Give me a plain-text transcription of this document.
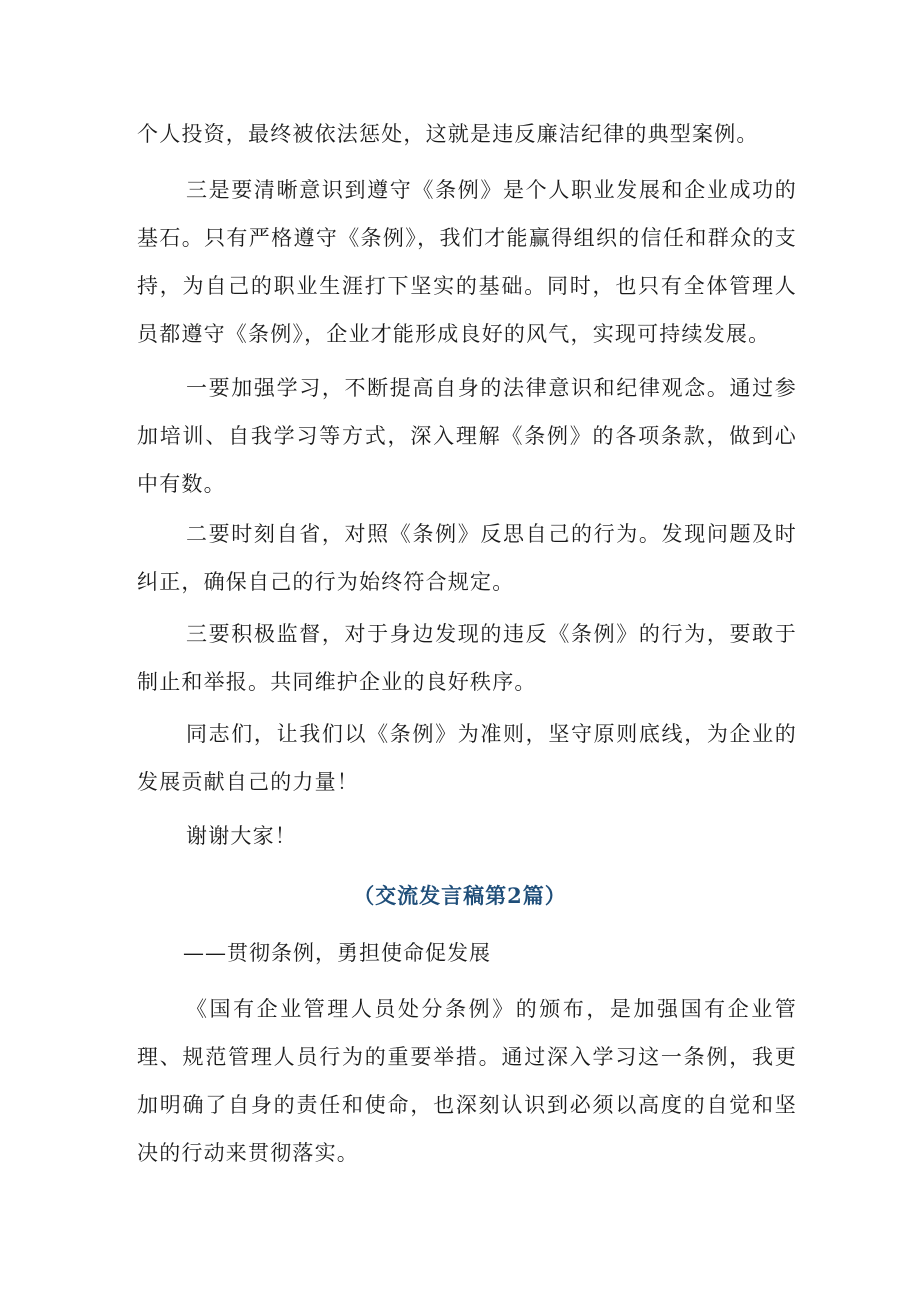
个人投资，最终被依法惩处，这就是违反廉洁纪律的典型案例。

三是要清晰意识到遵守《条例》是个人职业发展和企业成功的基石。只有严格遵守《条例》，我们才能赢得组织的信任和群众的支持，为自己的职业生涯打下坚实的基础。同时，也只有全体管理人员都遵守《条例》，企业才能形成良好的风气，实现可持续发展。

一要加强学习，不断提高自身的法律意识和纪律观念。通过参加培训、自我学习等方式，深入理解《条例》的各项条款，做到心中有数。

二要时刻自省，对照《条例》反思自己的行为。发现问题及时纠正，确保自己的行为始终符合规定。

三要积极监督，对于身边发现的违反《条例》的行为，要敢于制止和举报。共同维护企业的良好秩序。

同志们，让我们以《条例》为准则，坚守原则底线，为企业的发展贡献自己的力量！

谢谢大家！

（交流发言稿第2篇）

——贯彻条例，勇担使命促发展

《国有企业管理人员处分条例》的颁布，是加强国有企业管理、规范管理人员行为的重要举措。通过深入学习这一条例，我更加明确了自身的责任和使命，也深刻认识到必须以高度的自觉和坚决的行动来贯彻落实。
